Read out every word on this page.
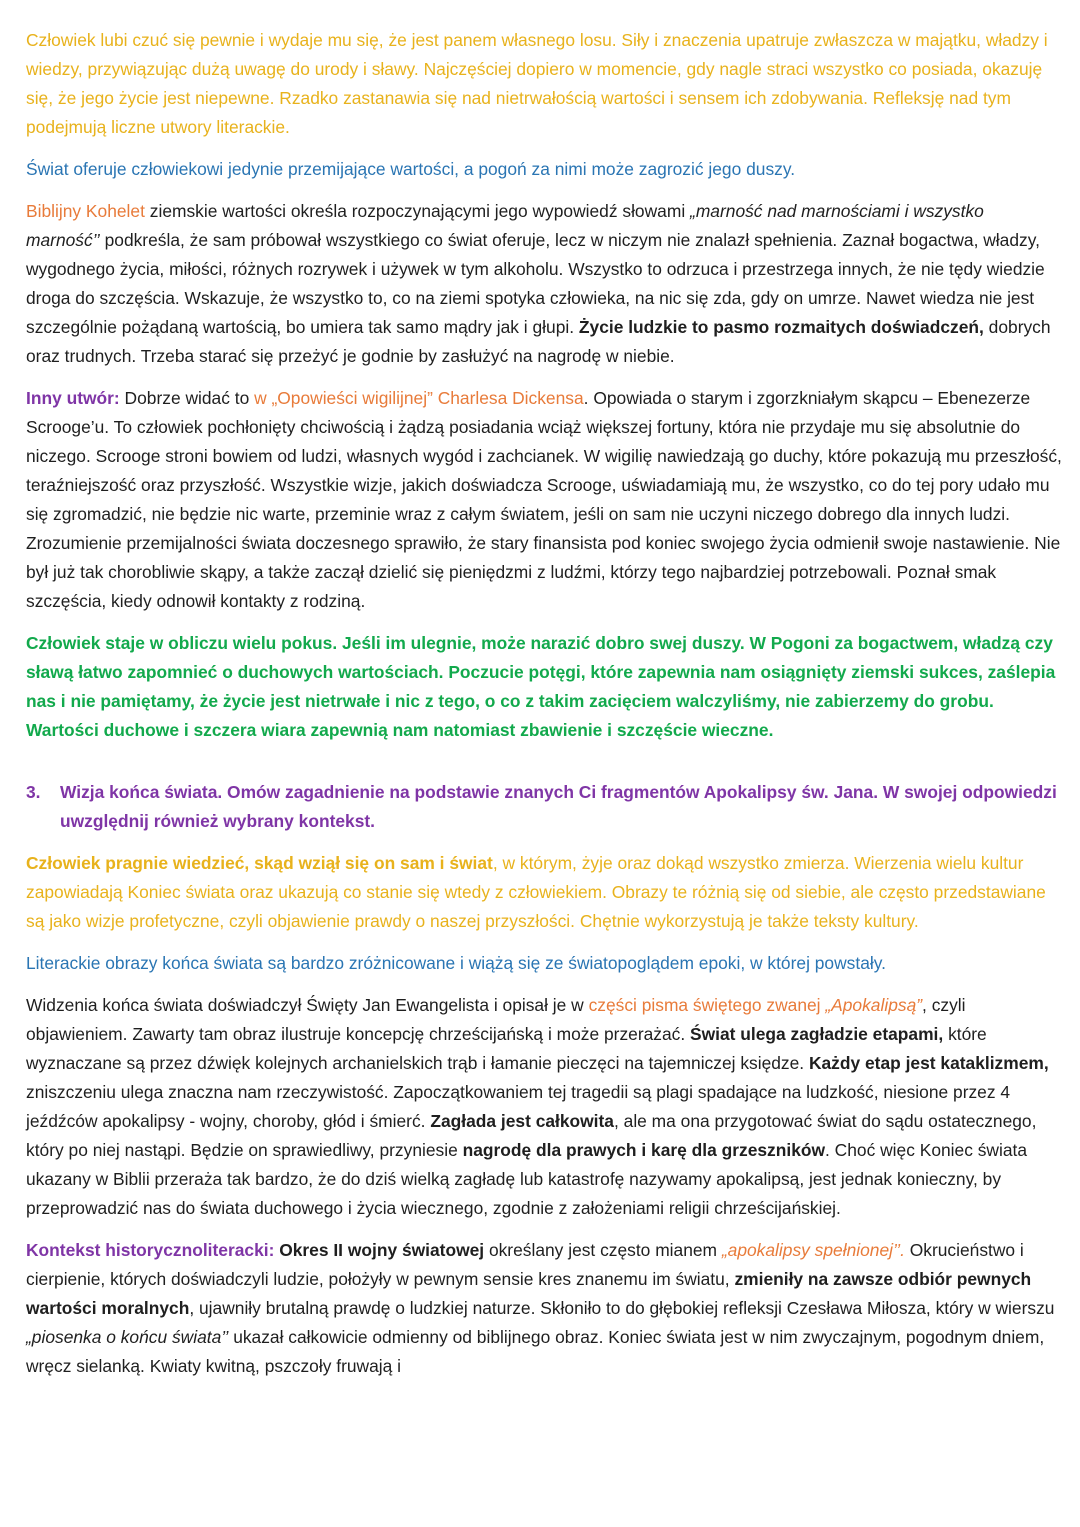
Człowiek lubi czuć się pewnie i wydaje mu się, że jest panem własnego losu. Siły i znaczenia upatruje zwłaszcza w majątku, władzy i wiedzy, przywiązując dużą uwagę do urody i sławy. Najczęściej dopiero w momencie, gdy nagle straci wszystko co posiada, okazuję się, że jego życie jest niepewne. Rzadko zastanawia się nad nietrwałością wartości i sensem ich zdobywania. Refleksję nad tym podejmują liczne utwory literackie.

Świat oferuje człowiekowi jedynie przemijające wartości, a pogoń za nimi może zagrozić jego duszy.

Biblijny Kohelet ziemskie wartości określa rozpoczynającymi jego wypowiedź słowami „marność nad marnościami i wszystko marność’’ podkreśla, że sam próbował wszystkiego co świat oferuje, lecz w niczym nie znalazł spełnienia. Zaznał bogactwa, władzy, wygodnego życia, miłości, różnych rozrywek i używek w tym alkoholu. Wszystko to odrzuca i przestrzega innych, że nie tędy wiedzie droga do szczęścia. Wskazuje, że wszystko to, co na ziemi spotyka człowieka, na nic się zda, gdy on umrze. Nawet wiedza nie jest szczególnie pożądaną wartością, bo umiera tak samo mądry jak i głupi. Życie ludzkie to pasmo rozmaitych doświadczeń, dobrych oraz trudnych. Trzeba starać się przeżyć je godnie by zasłużyć na nagrodę w niebie.

Inny utwór: Dobrze widać to w „Opowieści wigilijnej” Charlesa Dickensa. Opowiada o starym i zgorzkniałym skąpcu – Ebenezerze Scrooge’u. To człowiek pochłonięty chciwością i żądzą posiadania wciąż większej fortuny, która nie przydaje mu się absolutnie do niczego. Scrooge stroni bowiem od ludzi, własnych wygód i zachcianek. W wigilię nawiedzają go duchy, które pokazują mu przeszłość, teraźniejszość oraz przyszłość. Wszystkie wizje, jakich doświadcza Scrooge, uświadamiają mu, że wszystko, co do tej pory udało mu się zgromadzić, nie będzie nic warte, przeminie wraz z całym światem, jeśli on sam nie uczyni niczego dobrego dla innych ludzi. Zrozumienie przemijalności świata doczesnego sprawiło, że stary finansista pod koniec swojego życia odmienił swoje nastawienie. Nie był już tak chorobliwie skąpy, a także zaczął dzielić się pieniędzmi z ludźmi, którzy tego najbardziej potrzebowali. Poznał smak szczęścia, kiedy odnowił kontakty z rodziną.

Człowiek staje w obliczu wielu pokus. Jeśli im ulegnie, może narazić dobro swej duszy. W Pogoni za bogactwem, władzą czy sławą łatwo zapomnieć o duchowych wartościach. Poczucie potęgi, które zapewnia nam osiągnięty ziemski sukces, zaślepia nas i nie pamiętamy, że życie jest nietrwałe i nic z tego, o co z takim zacięciem walczyliśmy, nie zabierzemy do grobu. Wartości duchowe i szczera wiara zapewnią nam natomiast zbawienie i szczęście wieczne.

3.	Wizja końca świata. Omów zagadnienie na podstawie znanych Ci fragmentów Apokalipsy św. Jana. W swojej odpowiedzi uwzględnij również wybrany kontekst.

Człowiek pragnie wiedzieć, skąd wziął się on sam i świat, w którym, żyje oraz dokąd wszystko zmierza. Wierzenia wielu kultur zapowiadają Koniec świata oraz ukazują co stanie się wtedy z człowiekiem. Obrazy te różnią się od siebie, ale często przedstawiane są jako wizje profetyczne, czyli objawienie prawdy o naszej przyszłości. Chętnie wykorzystują je także teksty kultury.

Literackie obrazy końca świata są bardzo zróżnicowane i wiążą się ze światopoglądem epoki, w której powstały.

Widzenia końca świata doświadczył Święty Jan Ewangelista i opisał je w części pisma świętego zwanej „Apokalipsą”, czyli objawieniem. Zawarty tam obraz ilustruje koncepcję chrześcijańską i może przerażać. Świat ulega zagładzie etapami, które wyznaczane są przez dźwięk kolejnych archanielskich trąb i łamanie pieczęci na tajemniczej księdze. Każdy etap jest kataklizmem, zniszczeniu ulega znaczna nam rzeczywistość. Zapoczątkowaniem tej tragedii są plagi spadające na ludzkość, niesione przez 4 jeźdźców apokalipsy - wojny, choroby, głód i śmierć. Zagłada jest całkowita, ale ma ona przygotować świat do sądu ostatecznego, który po niej nastąpi. Będzie on sprawiedliwy, przyniesie nagrodę dla prawych i karę dla grzeszników. Choć więc Koniec świata ukazany w Biblii przeraża tak bardzo, że do dziś wielką zagładę lub katastrofę nazywamy apokalipsą, jest jednak konieczny, by przeprowadzić nas do świata duchowego i życia wiecznego, zgodnie z założeniami religii chrześcijańskiej.

Kontekst historycznoliteracki: Okres II wojny światowej określany jest często mianem „apokalipsy spełnionej’’. Okrucieństwo i cierpienie, których doświadczyli ludzie, położyły w pewnym sensie kres znanemu im światu, zmieniły na zawsze odbiór pewnych wartości moralnych, ujawniły brutalną prawdę o ludzkiej naturze. Skłoniło to do głębokiej refleksji Czesława Miłosza, który w wierszu „piosenka o końcu świata’’ ukazał całkowicie odmienny od biblijnego obraz. Koniec świata jest w nim zwyczajnym, pogodnym dniem, wręcz sielanką. Kwiaty kwitną, pszczoły fruwają i
